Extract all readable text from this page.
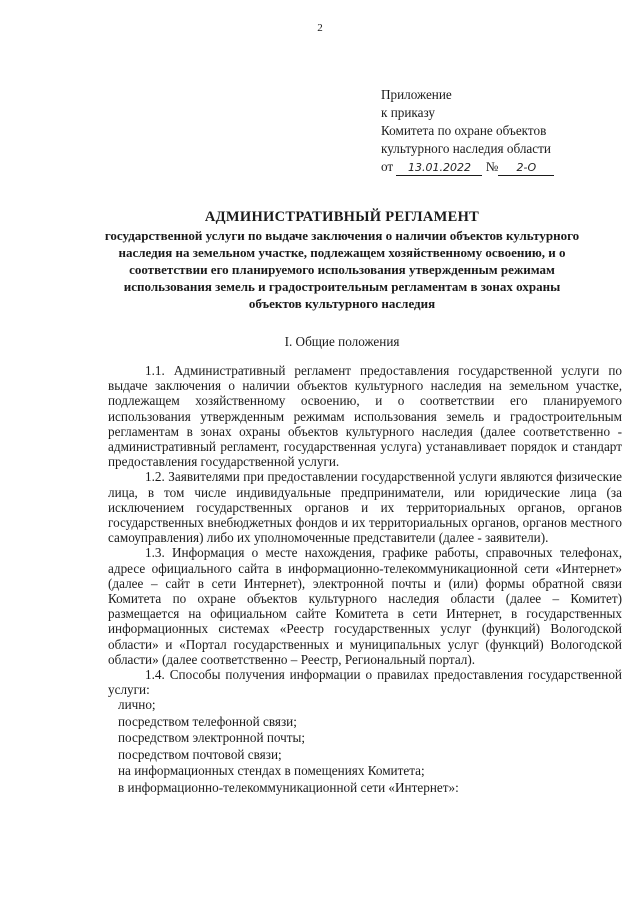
2
Приложение
к приказу
Комитета по охране объектов
культурного наследия области
от 13.01.2022 № 2-О
АДМИНИСТРАТИВНЫЙ РЕГЛАМЕНТ
государственной услуги по выдаче заключения о наличии объектов культурного наследия на земельном участке, подлежащем хозяйственному освоению, и о соответствии его планируемого использования утвержденным режимам использования земель и градостроительным регламентам в зонах охраны объектов культурного наследия
I. Общие положения

1.1. Административный регламент предоставления государственной услуги по выдаче заключения о наличии объектов культурного наследия на земельном участке, подлежащем хозяйственному освоению, и о соответствии его планируемого использования утвержденным режимам использования земель и градостроительным регламентам в зонах охраны объектов культурного наследия (далее соответственно - административный регламент, государственная услуга) устанавливает порядок и стандарт предоставления государственной услуги.

1.2. Заявителями при предоставлении государственной услуги являются физические лица, в том числе индивидуальные предприниматели, или юридические лица (за исключением государственных органов и их территориальных органов, органов государственных внебюджетных фондов и их территориальных органов, органов местного самоуправления) либо их уполномоченные представители (далее - заявители).

1.3. Информация о месте нахождения, графике работы, справочных телефонах, адресе официального сайта в информационно-телекоммуникационной сети «Интернет» (далее – сайт в сети Интернет), электронной почты и (или) формы обратной связи Комитета по охране объектов культурного наследия области (далее – Комитет) размещается на официальном сайте Комитета в сети Интернет, в государственных информационных системах «Реестр государственных услуг (функций) Вологодской области» и «Портал государственных и муниципальных услуг (функций) Вологодской области» (далее соответственно – Реестр, Региональный портал).

1.4. Способы получения информации о правилах предоставления государственной услуги:

лично;

посредством телефонной связи;

посредством электронной почты;

посредством почтовой связи;

на информационных стендах в помещениях Комитета;

в информационно-телекоммуникационной сети «Интернет»:
